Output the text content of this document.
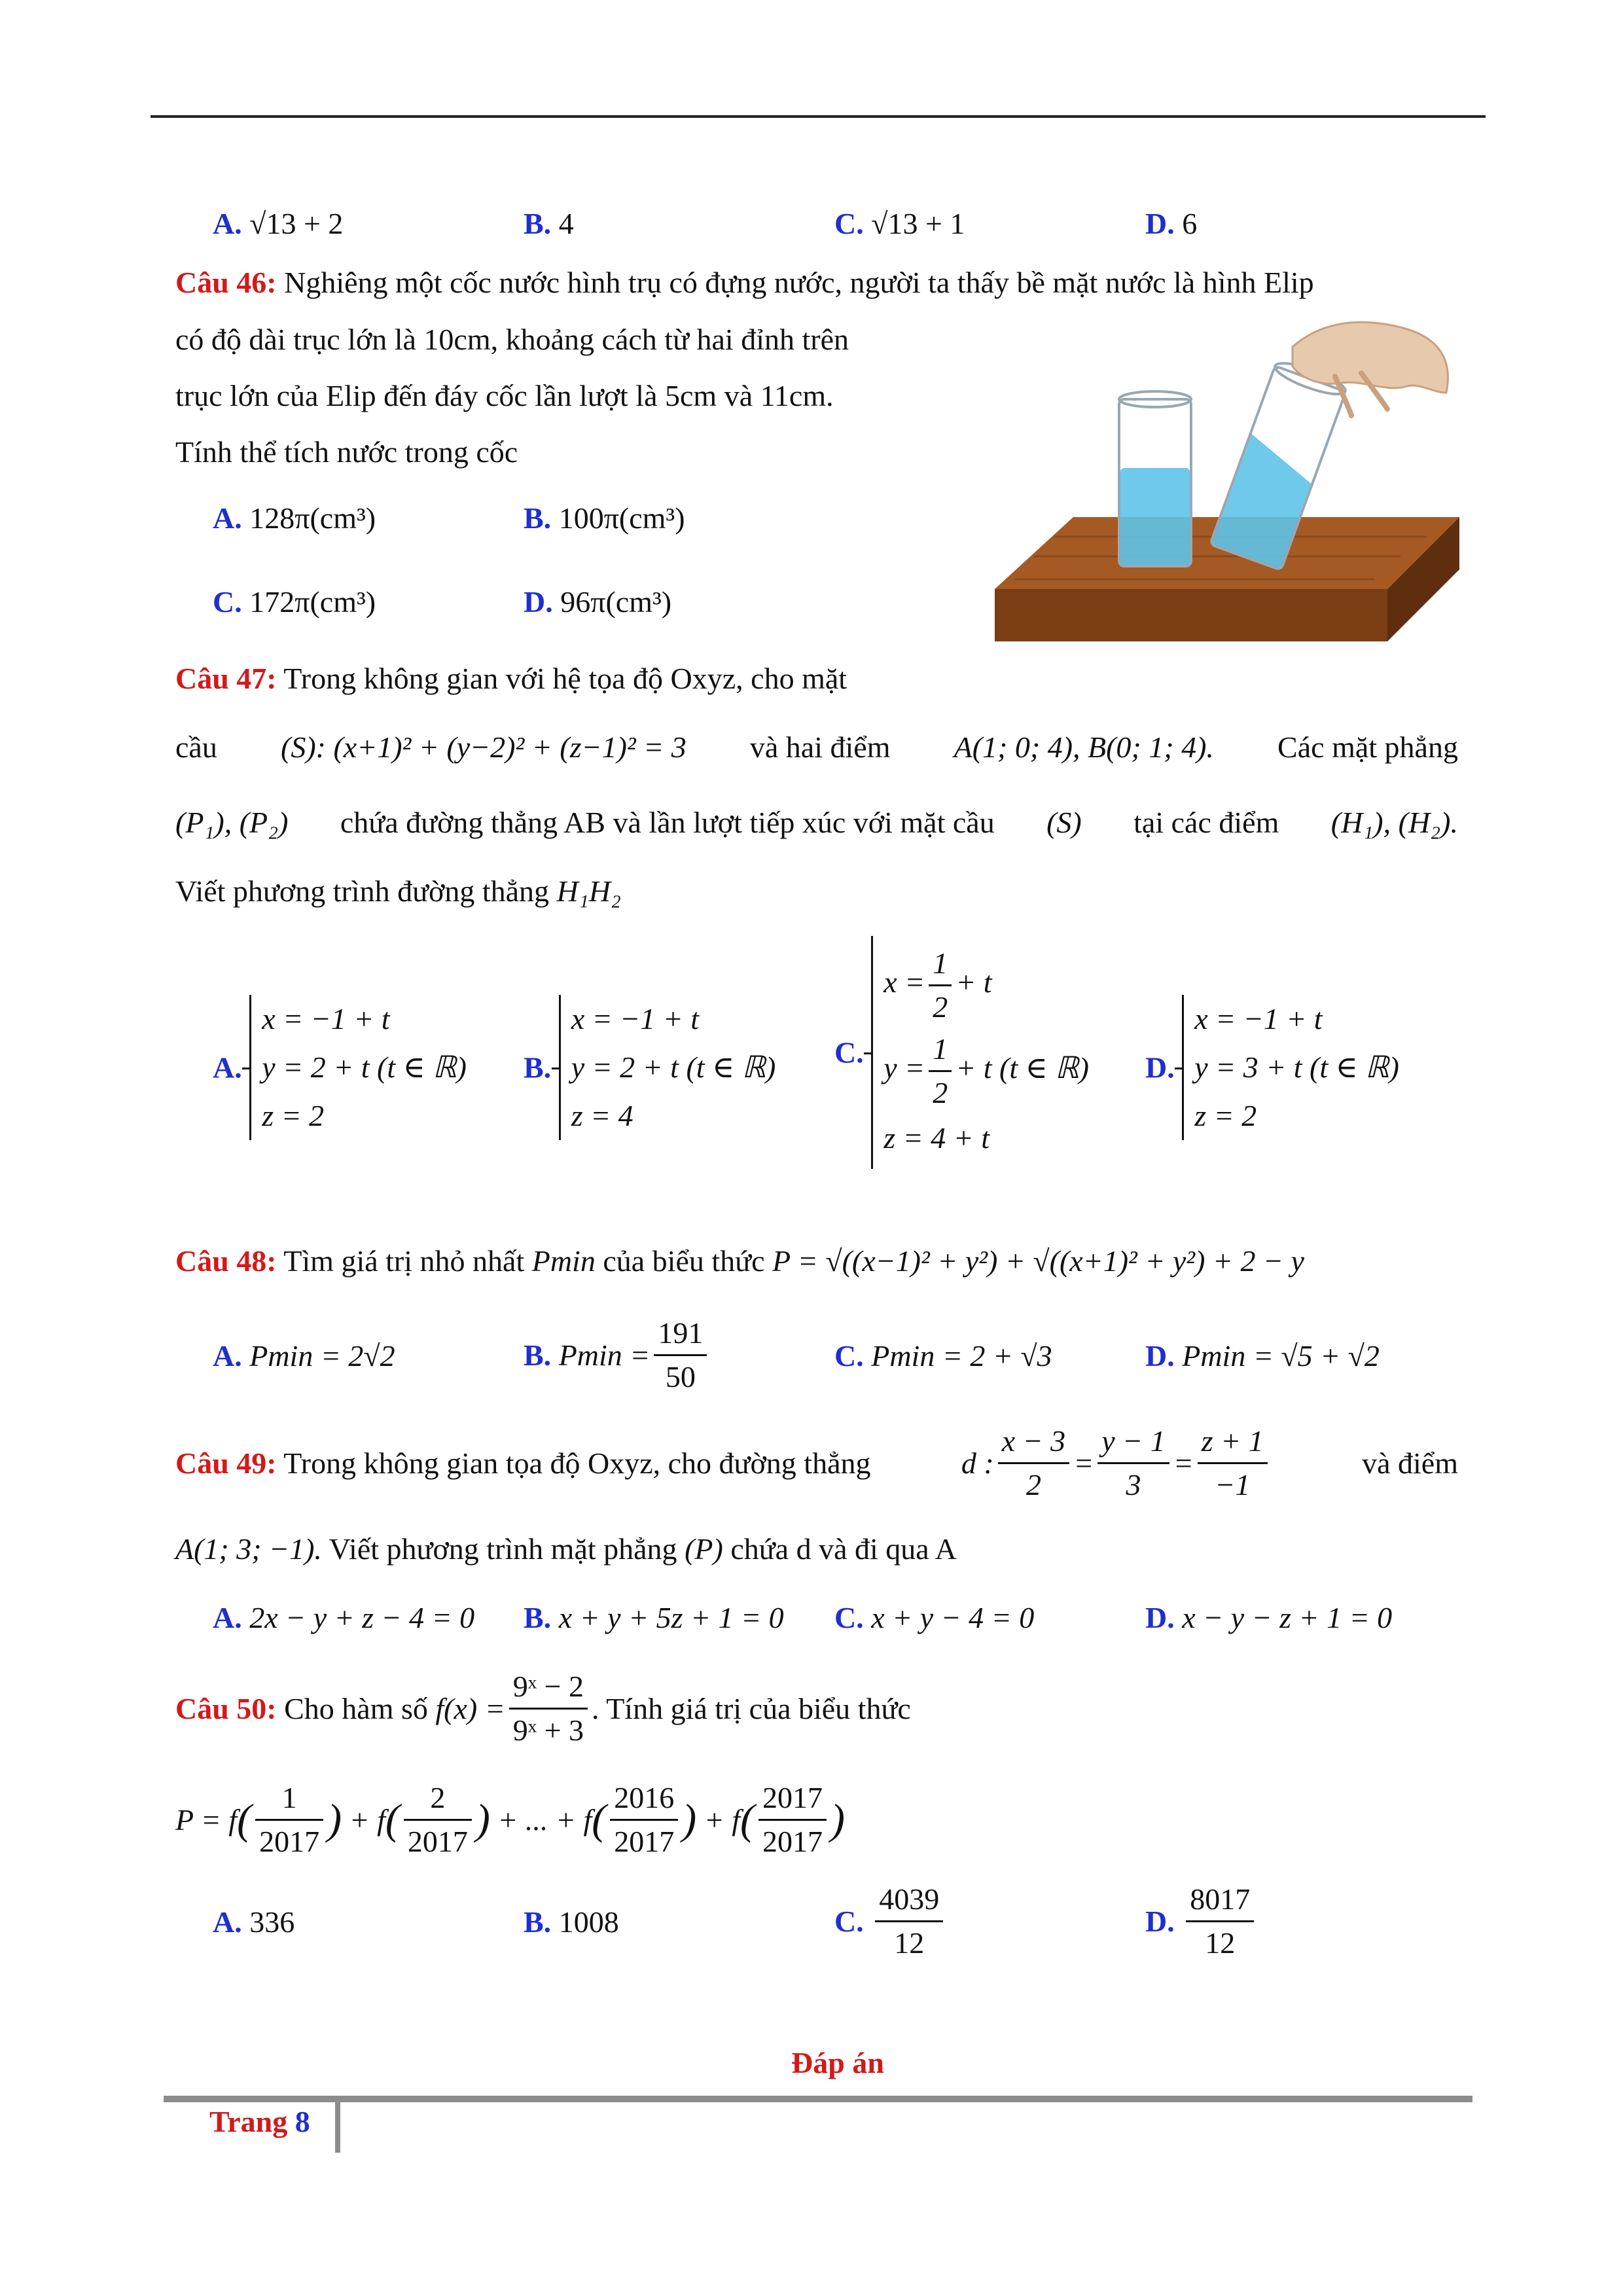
A. √13 + 2	B. 4	C. √13 + 1	D. 6
Câu 46: Nghiêng một cốc nước hình trụ có đựng nước, người ta thấy bề mặt nước là hình Elip
có độ dài trục lớn là 10cm, khoảng cách từ hai đỉnh trên
trục lớn của Elip đến đáy cốc lần lượt là 5cm và 11cm.
Tính thể tích nước trong cốc
A. 128π(cm³)	B. 100π(cm³)
C. 172π(cm³)	D. 96π(cm³)
Câu 47: Trong không gian với hệ tọa độ Oxyz, cho mặt
cầu (S): (x+1)² + (y−2)² + (z−1)² = 3 và hai điểm A(1; 0; 4), B(0; 1; 4). Các mặt phẳng
(P₁), (P₂) chứa đường thẳng AB và lần lượt tiếp xúc với mặt cầu (S) tại các điểm (H₁), (H₂).
Viết phương trình đường thẳng H₁H₂
A.
x = −1 + t
y = 2 + t (t ∈ ℝ)
z = 2
B.
x = −1 + t
y = 2 + t (t ∈ ℝ)
z = 4
C.
$x = \frac{1}{2} + t$
$y = \frac{1}{2} + t$ (t ∈ ℝ)
z = 4 + t
D.
x = −1 + t
y = 3 + t (t ∈ ℝ)
z = 2
Câu 48: Tìm giá trị nhỏ nhất Pmin của biểu thức P = √((x−1)² + y²) + √((x+1)² + y²) + 2 − y
A. Pmin = 2√2	B. $Pmin = \frac{191}{50}$	C. Pmin = 2 + √3	D. Pmin = √5 + √2
Câu 49: Trong không gian tọa độ Oxyz, cho đường thẳng	d : $\frac{x - 3}{2} = \frac{y - 1}{3} = \frac{z + 1}{-1}$	và điểm
A(1; 3; −1). Viết phương trình mặt phẳng (P) chứa d và đi qua A
A. 2x − y + z − 4 = 0 B. x + y + 5z + 1 = 0 C. x + y − 4 = 0	D. x − y − z + 1 = 0
Câu 50: Cho hàm số $f(x) = \frac{\text{9ˣ − 2}}{\text{9ˣ + 3}}$ . Tính giá trị của biểu thức
$P = f( \frac{1}{2017}$ ) + $f( \frac{2}{2017}$ ) + ... + $f( \frac{2016}{2017}$ ) + $f( \frac{2017}{2017}$ )
A. 336	B. 1008	C. $\frac{4039}{12}$	D. $\frac{8017}{12}$
Đáp án
Trang 8
